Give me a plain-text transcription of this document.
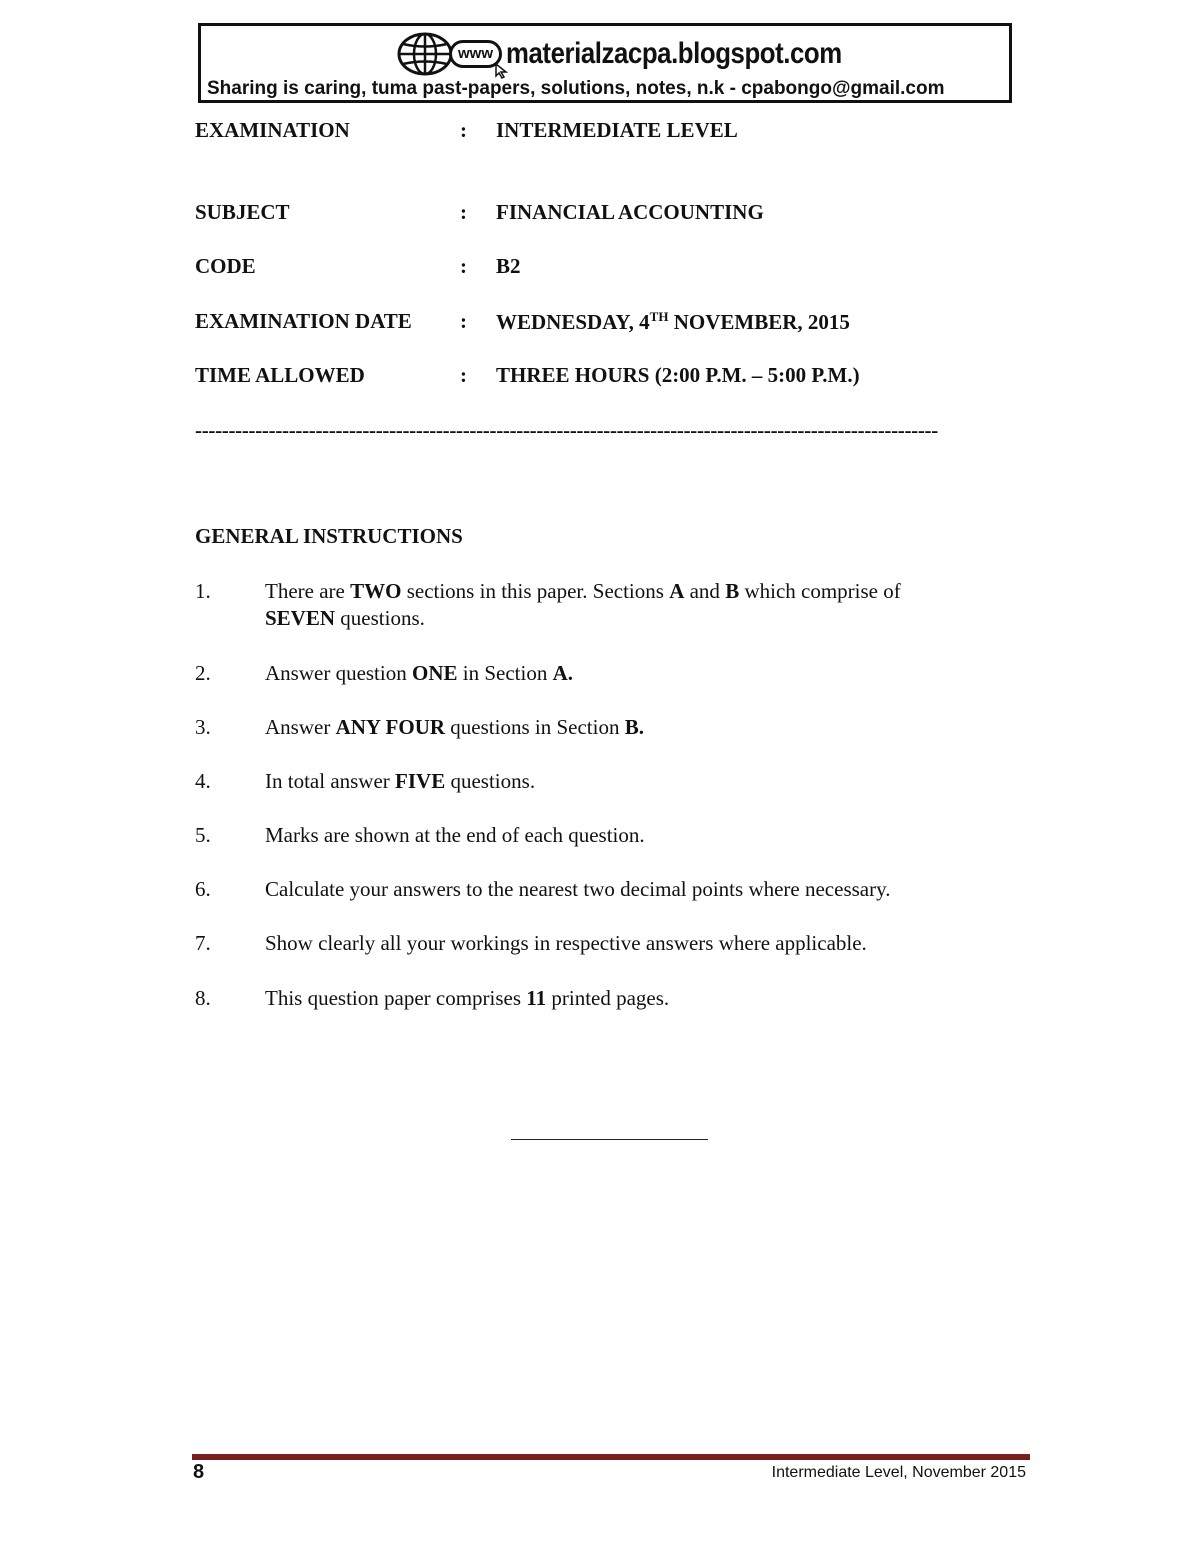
www materialzacpa.blogspot.com
Sharing is caring, tuma past-papers, solutions, notes, n.k - cpabongo@gmail.com
EXAMINATION	: INTERMEDIATE LEVEL
SUBJECT	: FINANCIAL ACCOUNTING
CODE	: B2
EXAMINATION DATE : WEDNESDAY, 4TH NOVEMBER, 2015
TIME ALLOWED	: THREE HOURS (2:00 P.M. – 5:00 P.M.)
---------------------------------------------------------------------------------------------------------------
GENERAL INSTRUCTIONS
1.	There are TWO sections in this paper. Sections A and B which comprise of
SEVEN questions.
2.	Answer question ONE in Section A.
3.	Answer ANY FOUR questions in Section B.
4.	In total answer FIVE questions.
5.	Marks are shown at the end of each question.
6.	Calculate your answers to the nearest two decimal points where necessary.
7.	Show clearly all your workings in respective answers where applicable.
8.	This question paper comprises 11 printed pages.
8	Intermediate Level, November 2015
